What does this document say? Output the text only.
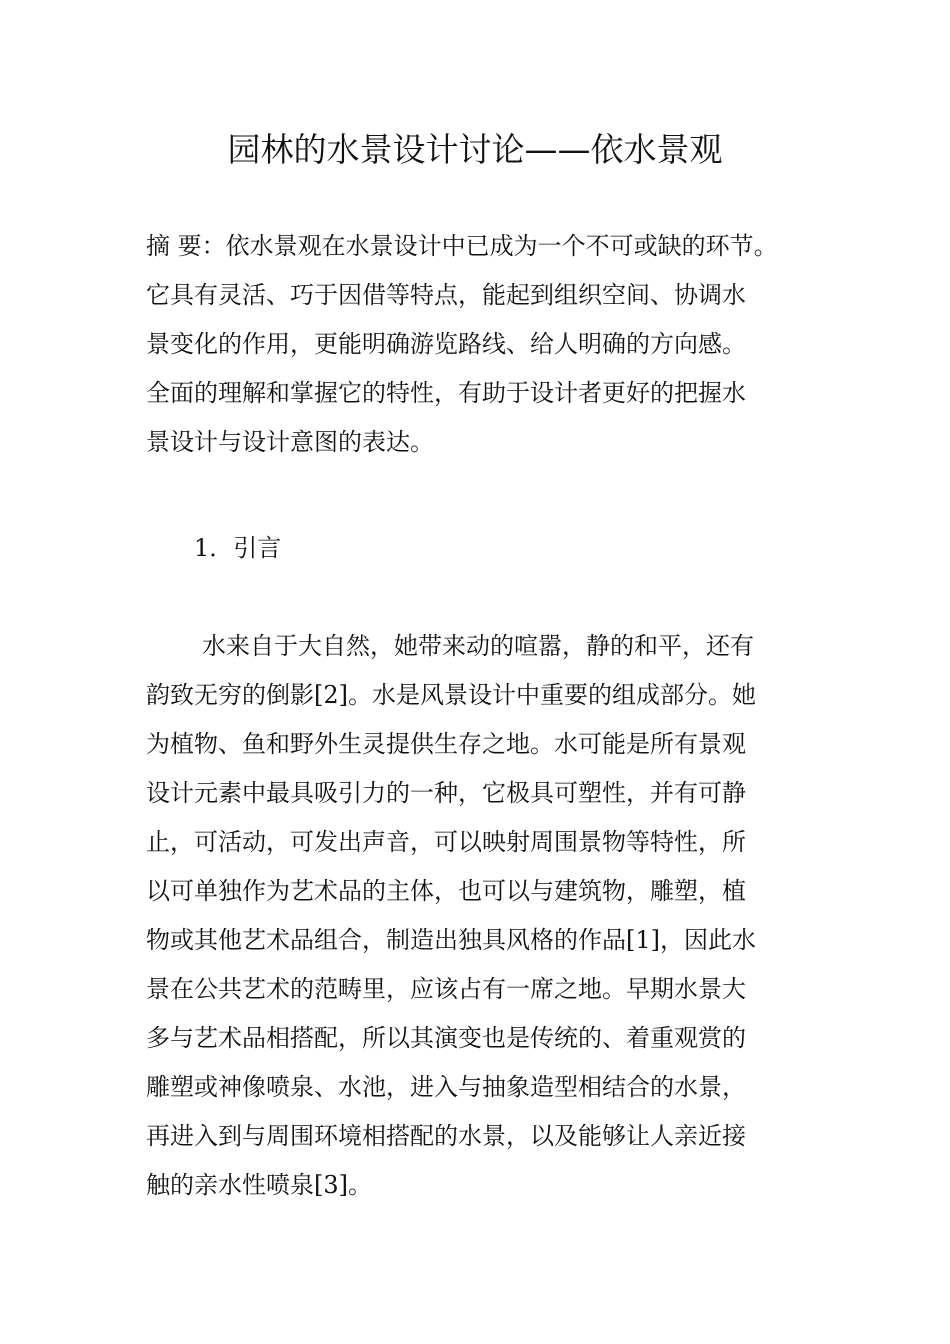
园林的水景设计讨论——依水景观
摘 要：依水景观在水景设计中已成为一个不可或缺的环节。
它具有灵活、巧于因借等特点，能起到组织空间、协调水
景变化的作用，更能明确游览路线、给人明确的方向感。
全面的理解和掌握它的特性，有助于设计者更好的把握水
景设计与设计意图的表达。
1．引言
水来自于大自然，她带来动的喧嚣，静的和平，还有
韵致无穷的倒影[2]。水是风景设计中重要的组成部分。她
为植物、鱼和野外生灵提供生存之地。水可能是所有景观
设计元素中最具吸引力的一种，它极具可塑性，并有可静
止，可活动，可发出声音，可以映射周围景物等特性，所
以可单独作为艺术品的主体，也可以与建筑物，雕塑，植
物或其他艺术品组合，制造出独具风格的作品[1]，因此水
景在公共艺术的范畴里，应该占有一席之地。早期水景大
多与艺术品相搭配，所以其演变也是传统的、着重观赏的
雕塑或神像喷泉、水池，进入与抽象造型相结合的水景，
再进入到与周围环境相搭配的水景，以及能够让人亲近接
触的亲水性喷泉[3]。
